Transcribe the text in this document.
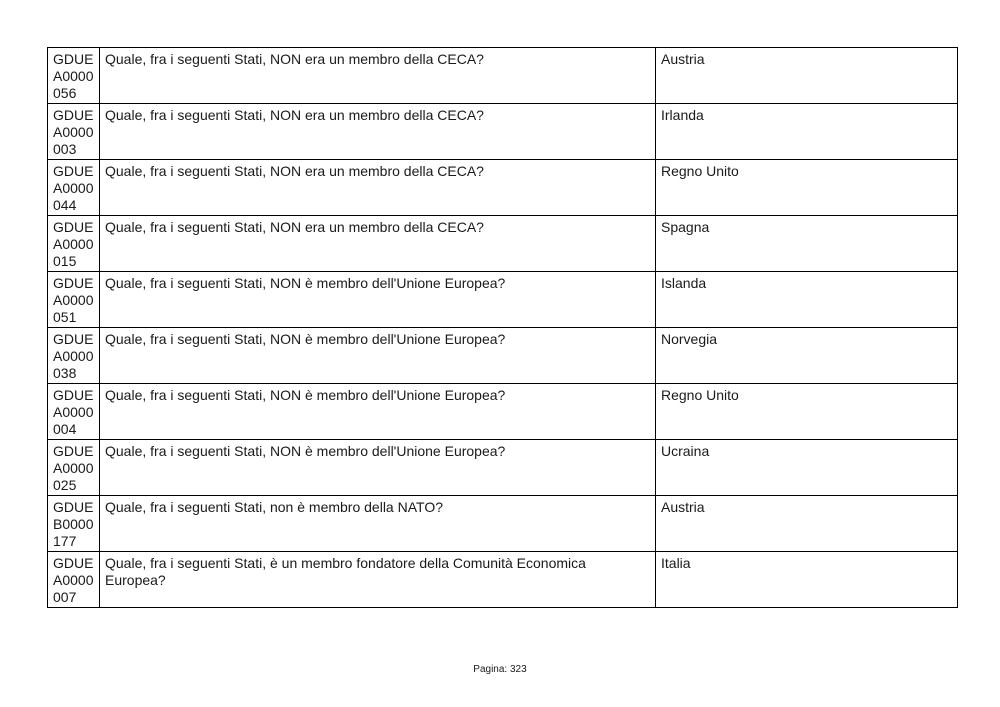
GDUE
A0000
056	Quale, fra i seguenti Stati, NON era un membro della CECA?	Austria
GDUE
A0000
003	Quale, fra i seguenti Stati, NON era un membro della CECA?	Irlanda
GDUE
A0000
044	Quale, fra i seguenti Stati, NON era un membro della CECA?	Regno Unito
GDUE
A0000
015	Quale, fra i seguenti Stati, NON era un membro della CECA?	Spagna
GDUE
A0000
051	Quale, fra i seguenti Stati, NON è membro dell'Unione Europea?	Islanda
GDUE
A0000
038	Quale, fra i seguenti Stati, NON è membro dell'Unione Europea?	Norvegia
GDUE
A0000
004	Quale, fra i seguenti Stati, NON è membro dell'Unione Europea?	Regno Unito
GDUE
A0000
025	Quale, fra i seguenti Stati, NON è membro dell'Unione Europea?	Ucraina
GDUE
B0000
177	Quale, fra i seguenti Stati, non è membro della NATO?	Austria
GDUE
A0000
007	Quale, fra i seguenti Stati, è un membro fondatore della Comunità Economica Europea?	Italia
Pagina: 323
